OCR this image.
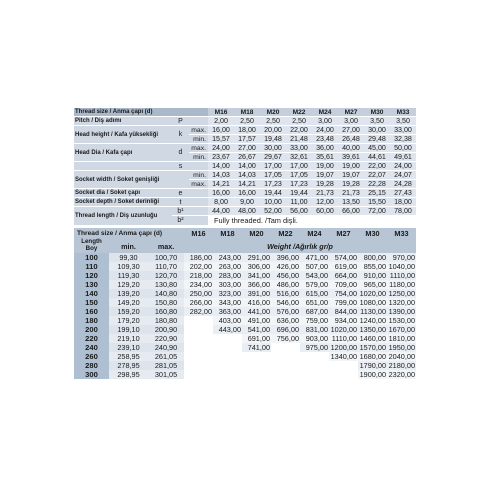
Thread size / Anma çapı (d)			M16	M18	M20	M22	M24	M27	M30	M33
Pitch / Diş adımı	P		2,00	2,50	2,50	2,50	3,00	3,00	3,50	3,50
Head height / Kafa yüksekliği	k	max.	16,00	18,00	20,00	22,00	24,00	27,00	30,00	33,00
		min.	15,57	17,57	19,48	21,48	23,48	26,48	29,48	32,38
Head Dia / Kafa çapı	d	max.	24,00	27,00	30,00	33,00	36,00	40,00	45,00	50,00
		min.	23,67	26,67	29,67	32,61	35,61	39,61	44,61	49,61
	s		14,00	14,00	17,00	17,00	19,00	19,00	22,00	24,00
Socket width / Soket genişliği		min.	14,03	14,03	17,05	17,05	19,07	19,07	22,07	24,07
		max.	14,21	14,21	17,23	17,23	19,28	19,28	22,28	24,28
Socket dia / Soket çapı	e		16,00	16,00	19,44	19,44	21,73	21,73	25,15	27,43
Socket depth / Soket derinliği	t		8,00	9,00	10,00	11,00	12,00	13,50	15,50	18,00
Thread length / Diş uzunluğu	b¹		44,00	48,00	52,00	56,00	60,00	66,00	72,00	78,00
	b²		Fully threaded. /Tam dişli.							
Thread size / Anma çapı (d)			M16	M18	M20	M22	M24	M27	M30	M33
Length
Boy	min.	max.	Weight /Ağırlık gr/p							
100	99,30	100,70	186,00	243,00	291,00	396,00	471,00	574,00	800,00	970,00
110	109,30	110,70	202,00	263,00	306,00	426,00	507,00	619,00	855,00	1040,00
120	119,30	120,70	218,00	283,00	341,00	456,00	543,00	664,00	910,00	1110,00
130	129,20	130,80	234,00	303,00	366,00	486,00	579,00	709,00	965,00	1180,00
140	139,20	140,80	250,00	323,00	391,00	516,00	615,00	754,00	1020,00	1250,00
150	149,20	150,80	266,00	343,00	416,00	546,00	651,00	799,00	1080,00	1320,00
160	159,20	160,80	282,00	363,00	441,00	576,00	687,00	844,00	1130,00	1390,00
180	179,20	180,80		403,00	491,00	636,00	759,00	934,00	1240,00	1530,00
200	199,10	200,90		443,00	541,00	696,00	831,00	1020,00	1350,00	1670,00
220	219,10	220,90			691,00	756,00	903,00	1110,00	1460,00	1810,00
240	239,10	240,90			741,00		975,00	1200,00	1570,00	1950,00
260	258,95	261,05						1340,00	1680,00	2040,00
280	278,95	281,05							1790,00	2180,00
300	298,95	301,05							1900,00	2320,00
